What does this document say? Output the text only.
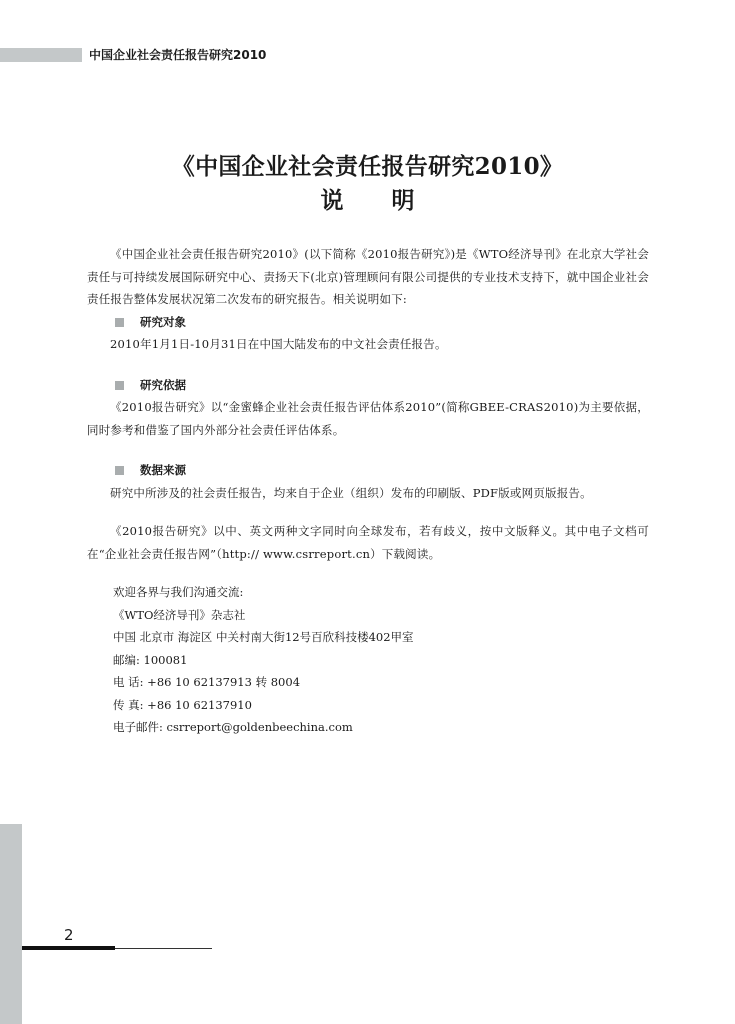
中国企业社会责任报告研究2010
《中国企业社会责任报告研究2010》
说 明

《中国企业社会责任报告研究2010》(以下简称《2010报告研究》)是《WTO经济导刊》在北京大学社会责任与可持续发展国际研究中心、责扬天下(北京)管理顾问有限公司提供的专业技术支持下，就中国企业社会责任报告整体发展状况第二次发布的研究报告。相关说明如下:

研究对象

2010年1月1日-10月31日在中国大陆发布的中文社会责任报告。

研究依据

《2010报告研究》以“金蜜蜂企业社会责任报告评估体系2010”(简称GBEE-CRAS2010)为主要依据，同时参考和借鉴了国内外部分社会责任评估体系。

数据来源

研究中所涉及的社会责任报告，均来自于企业（组织）发布的印刷版、PDF版或网页版报告。

《2010报告研究》以中、英文两种文字同时向全球发布，若有歧义，按中文版释义。其中电子文档可在“企业社会责任报告网”（http:// www.csrreport.cn）下载阅读。

欢迎各界与我们沟通交流:

《WTO经济导刊》杂志社

中国 北京市 海淀区 中关村南大街12号百欣科技楼402甲室

邮编: 100081

电 话: +86 10 62137913 转 8004

传 真: +86 10 62137910

电子邮件: csrreport@goldenbeechina.com

2
